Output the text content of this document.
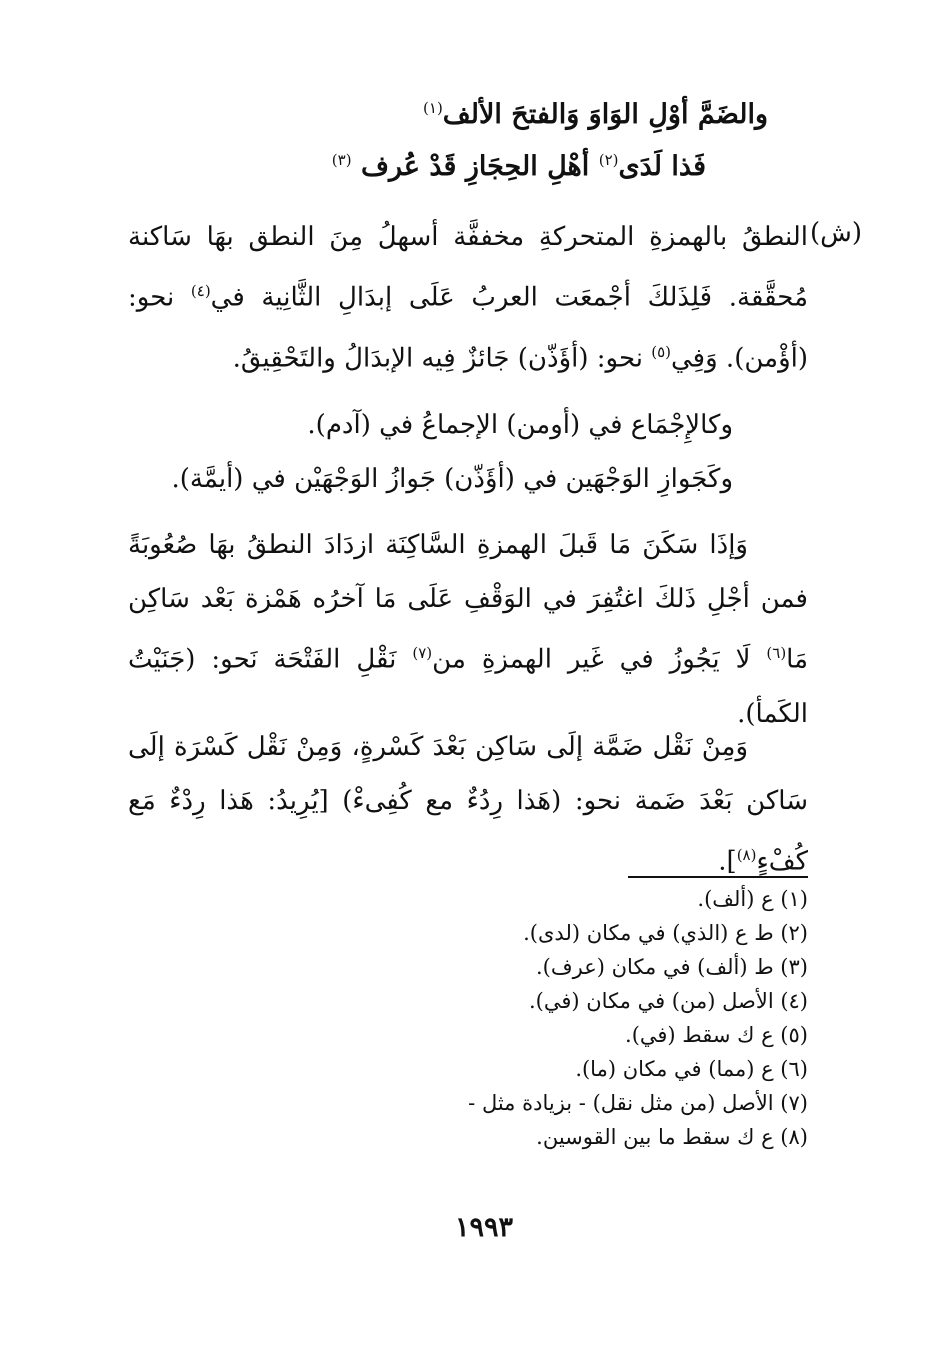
والضَمَّ أوْلِ الوَاوَ وَالفتحَ الألف$^{(١)}$
فَذا لَدَى$^{(٢)}$ أهْلِ الحِجَازِ قَدْ عُرف $^{(٣)}$
(ش)
النطقُ بالهمزةِ المتحركةِ مخففَّة أسهلُ مِنَ النطق بهَا سَاكنة مُحقَّقة. فَلِذَلكَ أجْمعَت العربُ عَلَى إبدَالِ الثَّانِية في$^{(٤)}$ نحو: (أؤْمن). وَفِي$^{(٥)}$ نحو: (أؤَذّن) جَائزٌ فِيه الإبدَالُ والتَحْقِيقُ.
وكالإِجْمَاع في (أومن) الإجماعُ في (آدم).
وكَجَوازِ الوَجْهَين في (أؤَذّن) جَوازُ الوَجْهَيْن في (أيمَّة).
وَإذَا سَكَنَ مَا قَبلَ الهمزةِ السَّاكِنَة ازدَادَ النطقُ بهَا صُعُوبَةً فمن أجْلِ ذَلكَ اغتُفِرَ في الوَقْفِ عَلَى مَا آخرُه هَمْزة بَعْد سَاكِن مَا$^{(٦)}$ لَا يَجُوزُ في غَير الهمزةِ من$^{(٧)}$ نَقْلِ الفَتْحَة نَحو: (جَنَيْتُ الكَمأ).
وَمِنْ نَقْل ضَمَّة إلَى سَاكِن بَعْدَ كَسْرةٍ، وَمِنْ نَقْل كَسْرَة إلَى سَاكن بَعْدَ ضَمة نحو: (هَذا رِدُءٌ مع كُفِىءْ) [يُرِيدُ: هَذا رِدْءٌ مَع كُفْءٍ$^{(٨)}$].
(١) ع (ألف).
(٢) ط ع (الذي) في مكان (لدى).
(٣) ط (ألف) في مكان (عرف).
(٤) الأصل (من) في مكان (في).
(٥) ع ك سقط (في).
(٦) ع (مما) في مكان (ما).
(٧) الأصل (من مثل نقل) - بزيادة مثل -
(٨) ع ك سقط ما بين القوسين.
١٩٩٣
